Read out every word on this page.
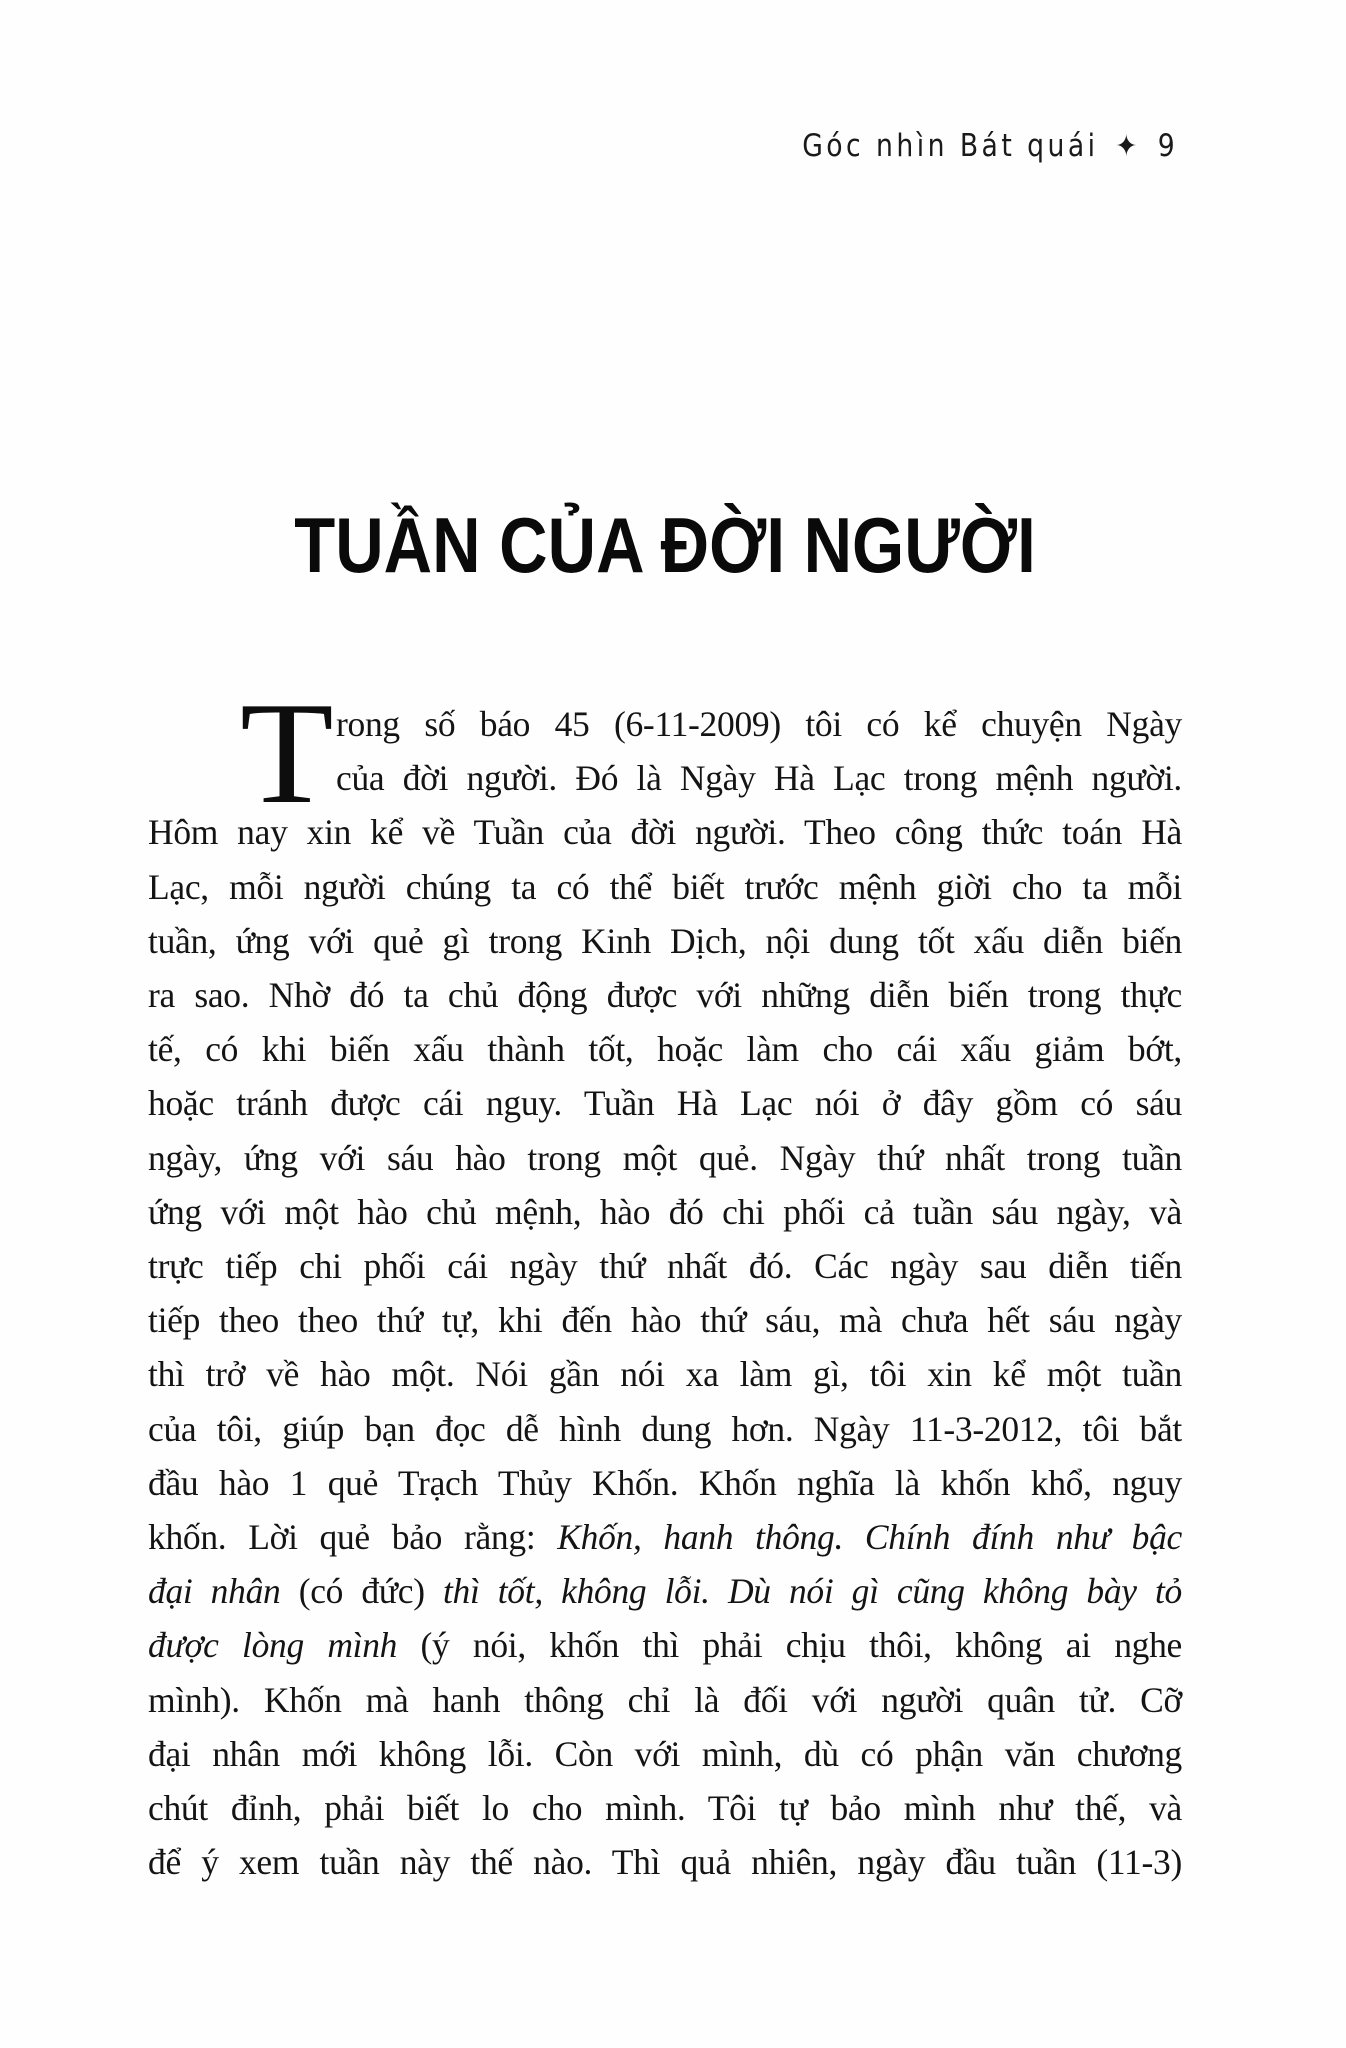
Góc nhìn Bát quái ✦ 9
TUẦN CỦA ĐỜI NGƯỜI
T rong số báo 45 (6-11-2009) tôi có kể chuyện Ngày
của đời người. Đó là Ngày Hà Lạc trong mệnh người.
Hôm nay xin kể về Tuần của đời người. Theo công thức toán Hà
Lạc, mỗi người chúng ta có thể biết trước mệnh giời cho ta mỗi
tuần, ứng với quẻ gì trong Kinh Dịch, nội dung tốt xấu diễn biến
ra sao. Nhờ đó ta chủ động được với những diễn biến trong thực
tế, có khi biến xấu thành tốt, hoặc làm cho cái xấu giảm bớt,
hoặc tránh được cái nguy. Tuần Hà Lạc nói ở đây gồm có sáu
ngày, ứng với sáu hào trong một quẻ. Ngày thứ nhất trong tuần
ứng với một hào chủ mệnh, hào đó chi phối cả tuần sáu ngày, và
trực tiếp chi phối cái ngày thứ nhất đó. Các ngày sau diễn tiến
tiếp theo theo thứ tự, khi đến hào thứ sáu, mà chưa hết sáu ngày
thì trở về hào một. Nói gần nói xa làm gì, tôi xin kể một tuần
của tôi, giúp bạn đọc dễ hình dung hơn. Ngày 11-3-2012, tôi bắt
đầu hào 1 quẻ Trạch Thủy Khốn. Khốn nghĩa là khốn khổ, nguy
khốn. Lời quẻ bảo rằng: Khốn, hanh thông. Chính đính như bậc
đại nhân (có đức) thì tốt, không lỗi. Dù nói gì cũng không bày tỏ
được lòng mình (ý nói, khốn thì phải chịu thôi, không ai nghe
mình). Khốn mà hanh thông chỉ là đối với người quân tử. Cỡ
đại nhân mới không lỗi. Còn với mình, dù có phận văn chương
chút đỉnh, phải biết lo cho mình. Tôi tự bảo mình như thế, và
để ý xem tuần này thế nào. Thì quả nhiên, ngày đầu tuần (11-3)
